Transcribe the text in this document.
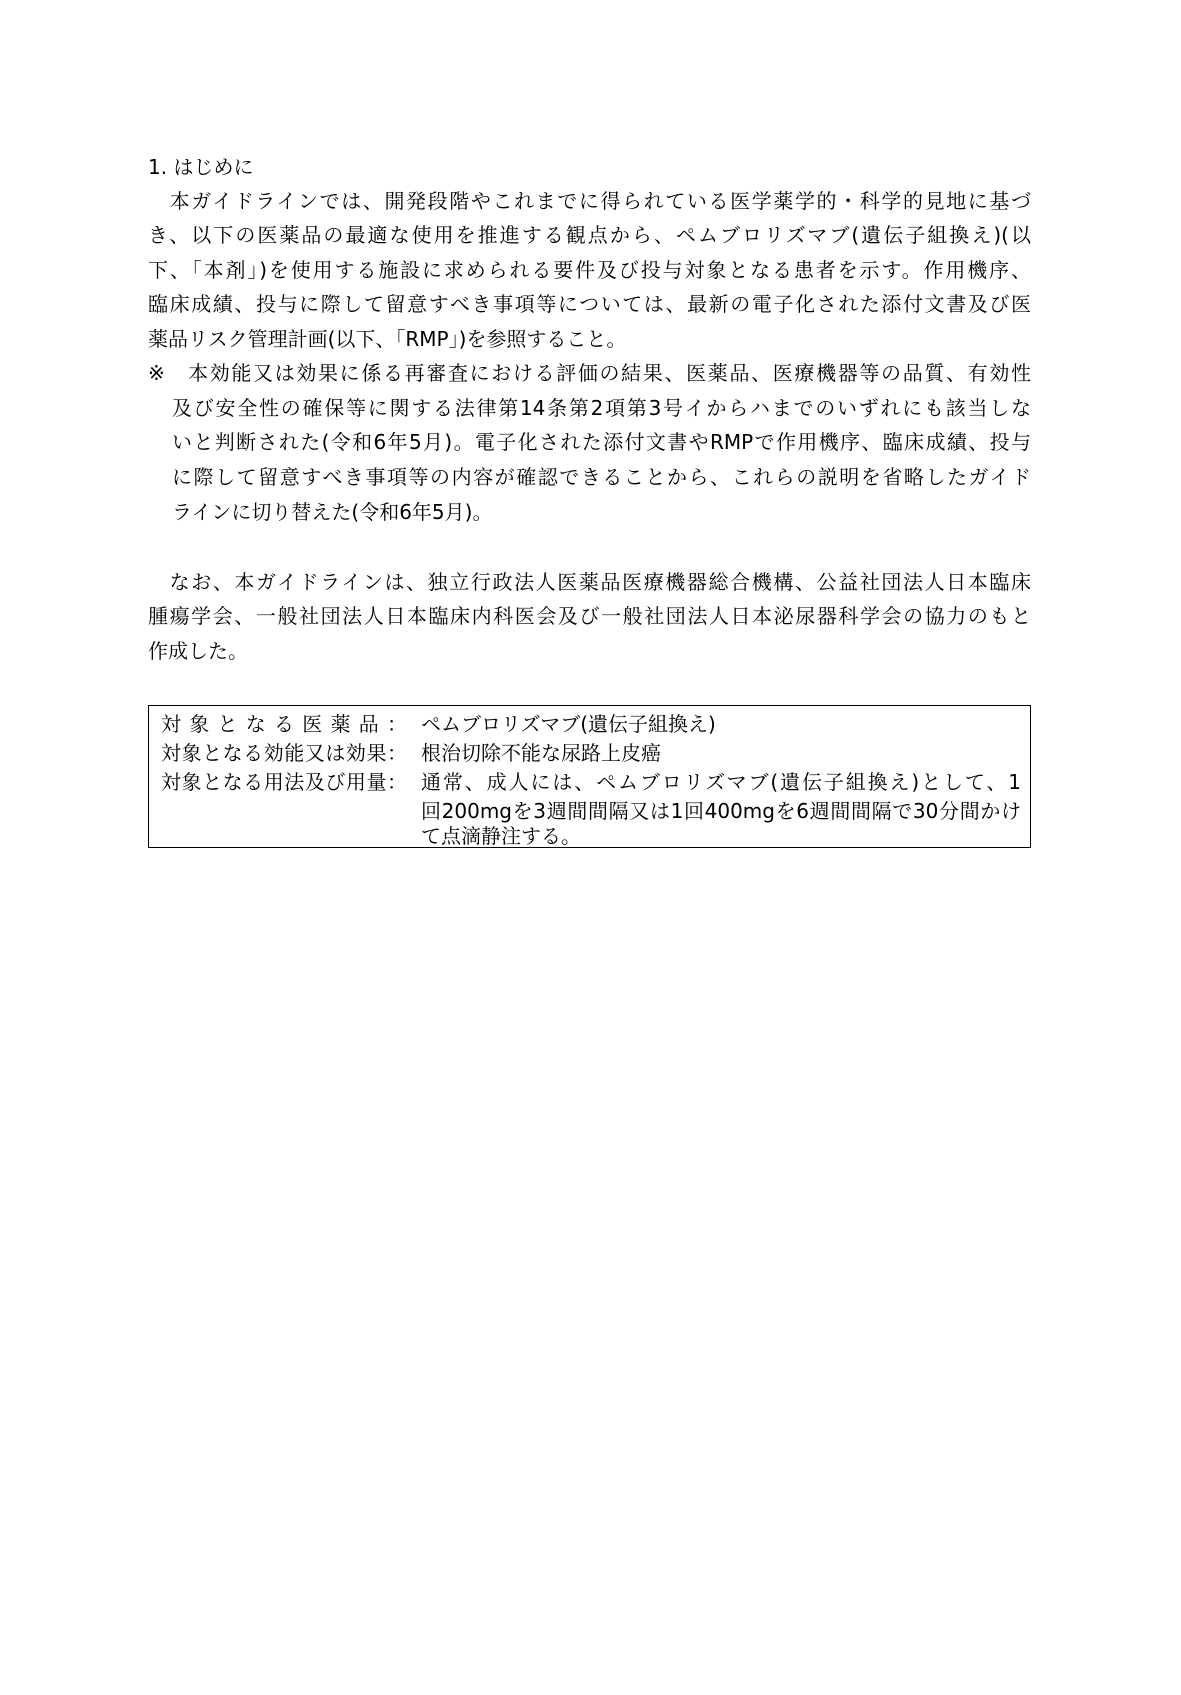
1. はじめに
　本ガイドラインでは、開発段階やこれまでに得られている医学薬学的・科学的見地に基づ
き、以下の医薬品の最適な使用を推進する観点から、ペムブロリズマブ(遺伝子組換え)(以
下、「本剤」)を使用する施設に求められる要件及び投与対象となる患者を示す。作用機序、
臨床成績、投与に際して留意すべき事項等については、最新の電子化された添付文書及び医
薬品リスク管理計画(以下、「RMP」)を参照すること。
※　本効能又は効果に係る再審査における評価の結果、医薬品、医療機器等の品質、有効性
及び安全性の確保等に関する法律第14条第2項第3号イからハまでのいずれにも該当しな
いと判断された(令和6年5月)。電子化された添付文書やRMPで作用機序、臨床成績、投与
に際して留意すべき事項等の内容が確認できることから、これらの説明を省略したガイド
ラインに切り替えた(令和6年5月)。
　なお、本ガイドラインは、独立行政法人医薬品医療機器総合機構、公益社団法人日本臨床
腫瘍学会、一般社団法人日本臨床内科医会及び一般社団法人日本泌尿器科学会の協力のもと
作成した。
対象となる医薬品： ペムブロリズマブ(遺伝子組換え)
対象となる効能又は効果： 根治切除不能な尿路上皮癌
対象となる用法及び用量： 通常、成人には、ペムブロリズマブ(遺伝子組換え)として、1
回200mgを3週間間隔又は1回400mgを6週間間隔で30分間かけ
て点滴静注する。
